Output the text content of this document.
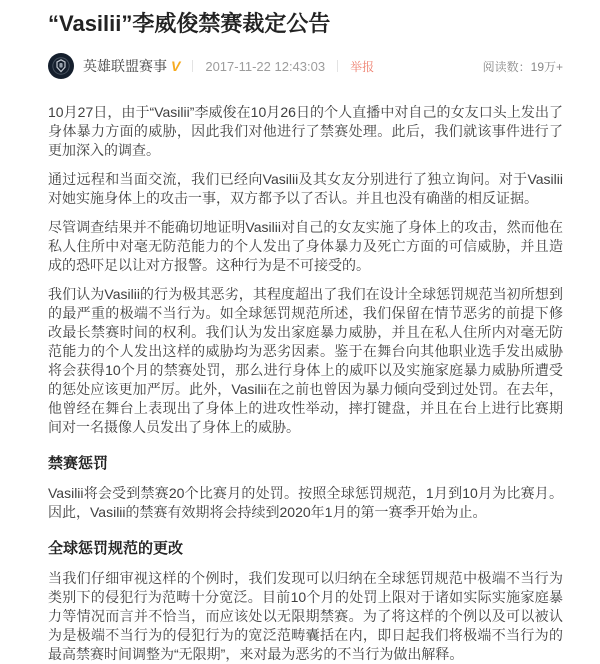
“Vasilii”李威俊禁赛裁定公告
英雄联盟赛事 V 2017-11-22 12:43:03 举报	阅读数：19万+

10月27日，由于“Vasilii”李威俊在10月26日的个人直播中对自己的女友口头上发出了身体暴力方面的威胁，因此我们对他进行了禁赛处理。此后，我们就该事件进行了更加深入的调查。

通过远程和当面交流，我们已经向Vasilii及其女友分别进行了独立询问。对于Vasilii对她实施身体上的攻击一事，双方都予以了否认。并且也没有确凿的相反证据。

尽管调查结果并不能确切地证明Vasilii对自己的女友实施了身体上的攻击，然而他在私人住所中对毫无防范能力的个人发出了身体暴力及死亡方面的可信威胁，并且造成的恐吓足以让对方报警。这种行为是不可接受的。

我们认为Vasilii的行为极其恶劣，其程度超出了我们在设计全球惩罚规范当初所想到的最严重的极端不当行为。如全球惩罚规范所述，我们保留在情节恶劣的前提下修改最长禁赛时间的权利。我们认为发出家庭暴力威胁，并且在私人住所内对毫无防范能力的个人发出这样的威胁均为恶劣因素。鉴于在舞台向其他职业选手发出威胁将会获得10个月的禁赛处罚，那么进行身体上的威吓以及实施家庭暴力威胁所遭受的惩处应该更加严厉。此外，Vasilii在之前也曾因为暴力倾向受到过处罚。在去年，他曾经在舞台上表现出了身体上的进攻性举动，摔打键盘，并且在台上进行比赛期间对一名摄像人员发出了身体上的威胁。

禁赛惩罚

Vasilii将会受到禁赛20个比赛月的处罚。按照全球惩罚规范，1月到10月为比赛月。因此，Vasilii的禁赛有效期将会持续到2020年1月的第一赛季开始为止。

全球惩罚规范的更改

当我们仔细审视这样的个例时，我们发现可以归纳在全球惩罚规范中极端不当行为类别下的侵犯行为范畴十分宽泛。目前10个月的处罚上限对于诸如实际实施家庭暴力等情况而言并不恰当，而应该处以无限期禁赛。为了将这样的个例以及可以被认为是极端不当行为的侵犯行为的宽泛范畴囊括在内，即日起我们将极端不当行为的最高禁赛时间调整为“无限期”，来对最为恶劣的不当行为做出解释。
